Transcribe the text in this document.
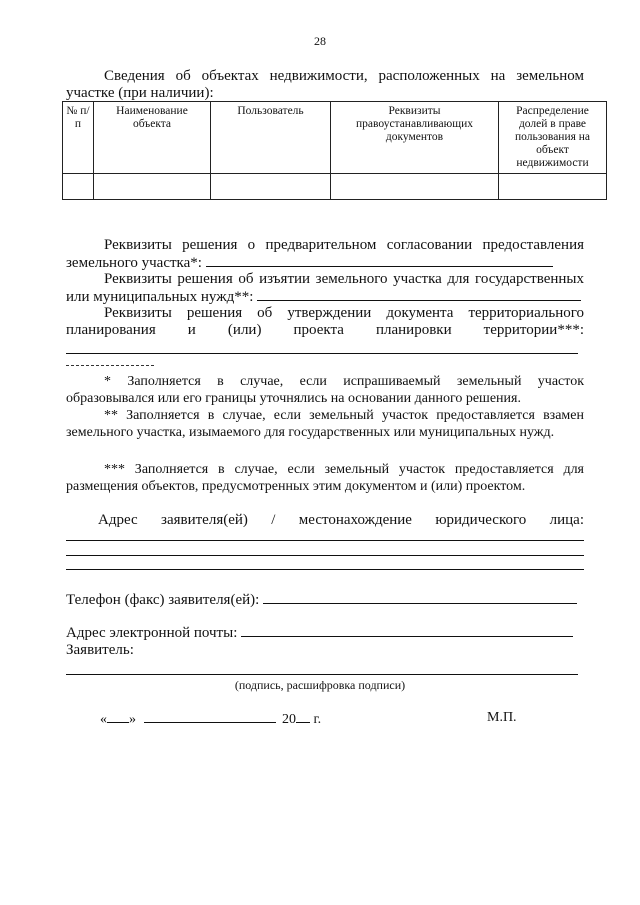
28
Сведения об объектах недвижимости, расположенных на земельном участке (при наличии):
№ п/п	Наименование объекта	Пользователь	Реквизиты правоустанавливающих документов	Распределение долей в праве пользования на объект недвижимости

Реквизиты решения о предварительном согласовании предоставления
земельного участка*:
Реквизиты решения об изъятии земельного участка для государственных
или муниципальных нужд**:
Реквизиты решения об утверждении документа территориального
планирования и (или) проекта планировки территории***:
* Заполняется в случае, если испрашиваемый земельный участок образовывался или его границы уточнялись на основании данного решения.
** Заполняется в случае, если земельный участок предоставляется взамен земельного участка, изымаемого для государственных или муниципальных нужд.
*** Заполняется в случае, если земельный участок предоставляется для размещения объектов, предусмотренных этим документом и (или) проектом.
Адрес заявителя(ей) / местонахождение юридического лица:
Телефон (факс) заявителя(ей):
Адрес электронной почты:
Заявитель:
(подпись, расшифровка подписи)
« »	20 г.	М.П.
